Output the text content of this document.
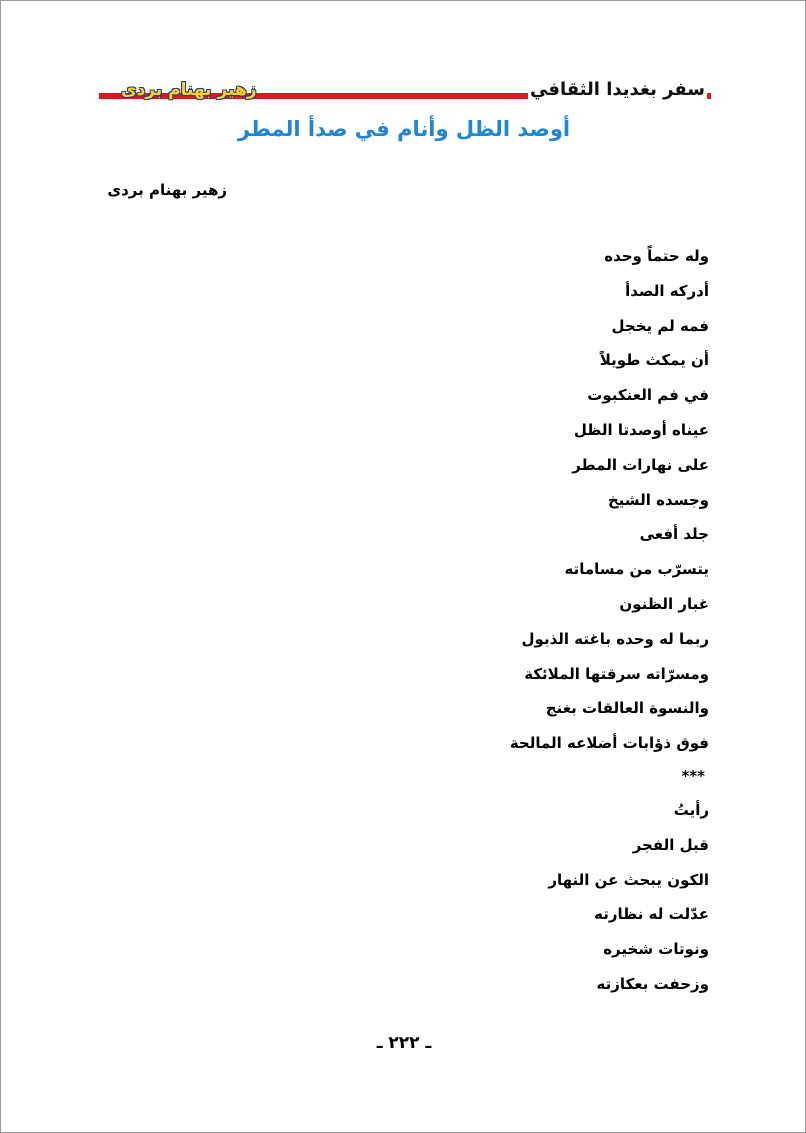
زهير بهنام بردى	سفر بغديدا الثقافي
أوصد الظل وأنام في صدأ المطر
زهير بهنام بردى
وله حتماً وحده
أدركه الصدأ
فمه لم يخجل
أن يمكث طويلاً
في فم العنكبوت
عيناه أوصدتا الظل
على نهارات المطر
وجسده الشيخ
جلد أفعى
يتسرّب من مساماته
غبار الظنون
ربما له وحده باغته الذبول
ومسرّاته سرقتها الملائكة
والنسوة العالقات بغنج
فوق ذؤابات أضلاعه المالحة
***
رأيتُ
قبل الفجر
الكون يبحث عن النهار
عدّلت له نظارته
ونوتات شخيره
وزحفت بعكازته
ـ ٢٢٢ ـ
